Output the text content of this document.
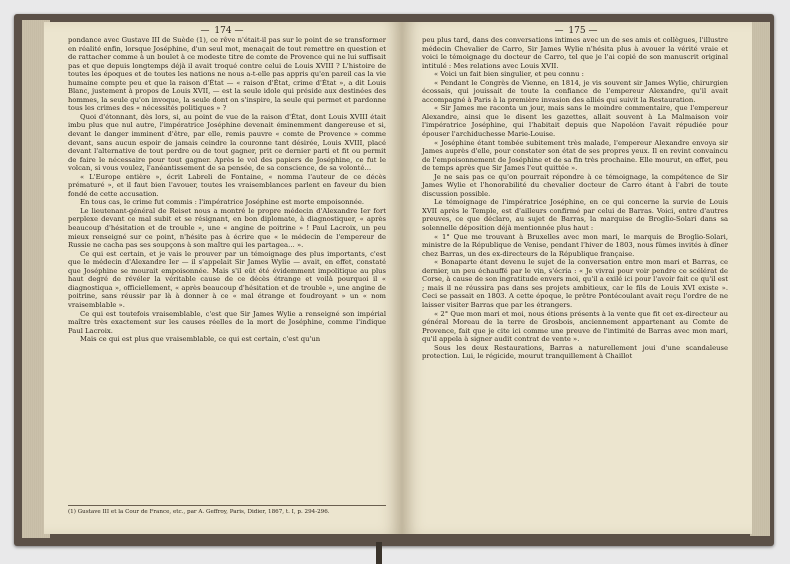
— 174 —

pondance avec Gustave III de Suède (1), ce rêve n'était-il pas sur le point de se transformer en réalité enfin, lorsque Joséphine, d'un seul mot, menaçait de tout remettre en question et de rattacher comme à un boulet à ce modeste titre de comte de Provence qui ne lui suffisait pas et que depuis longtemps déjà il avait troqué contre celui de Louis XVIII ? L'histoire de toutes les époques et de toutes les nations ne nous a-t-elle pas appris qu'en pareil cas la vie humaine compte peu et que la raison d'État — « raison d'État, crime d'État », a dit Louis Blanc, justement à propos de Louis XVII, — est la seule idole qui préside aux destinées des hommes, la seule qu'on invoque, la seule dont on s'inspire, la seule qui permet et pardonne tous les crimes des « nécessités politiques » ?

Quoi d'étonnant, dès lors, si, au point de vue de la raison d'État, dont Louis XVIII était imbu plus que nul autre, l'impératrice Joséphine devenait éminemment dangereuse et si, devant le danger imminent d'être, par elle, remis pauvre « comte de Provence » comme devant, sans aucun espoir de jamais ceindre la couronne tant désirée, Louis XVIII, placé devant l'alternative de tout perdre ou de tout gagner, prit ce dernier parti et fit ou permit de faire le nécessaire pour tout gagner. Après le vol des papiers de Joséphine, ce fut le volcan, si vous voulez, l'anéantissement de sa pensée, de sa conscience, de sa volonté…

« L'Europe entière », écrit Labreli de Fontaine, « nomma l'auteur de ce décès prématuré », et il faut bien l'avouer, toutes les vraisemblances parlent en faveur du bien fondé de cette accusation.

En tous cas, le crime fut commis : l'impératrice Joséphine est morte empoisonnée.

Le lieutenant-général de Reiset nous a montré le propre médecin d'Alexandre Ier fort perplexe devant ce mal subit et se résignant, en bon diplomate, à diagnostiquer, « après beaucoup d'hésitation et de trouble », une « angine de poitrine » ! Paul Lacroix, un peu mieux renseigné sur ce point, n'hésite pas à écrire que « le médecin de l'empereur de Russie ne cacha pas ses soupçons à son maître qui les partagea… ».

Ce qui est certain, et je vais le prouver par un témoignage des plus importants, c'est que le médecin d'Alexandre Ier — il s'appelait Sir James Wylie — avait, en effet, constaté que Joséphine se mourait empoisonnée. Mais s'il eût été évidemment impolitique au plus haut degré de révéler la véritable cause de ce décès étrange et voilà pourquoi il « diagnostiqua », officiellement, « après beaucoup d'hésitation et de trouble », une angine de poitrine, sans réussir par là à donner à ce « mal étrange et foudroyant » un « nom vraisemblable ».

Ce qui est toutefois vraisemblable, c'est que Sir James Wylie a renseigné son impérial maître très exactement sur les causes réelles de la mort de Joséphine, comme l'indique Paul Lacroix.

Mais ce qui est plus que vraisemblable, ce qui est certain, c'est qu'un

(1) Gustave III et la Cour de France, etc., par A. Geffroy, Paris, Didier, 1867, t. I, p. 294-296.
— 175 —

peu plus tard, dans des conversations intimes avec un de ses amis et collègues, l'illustre médecin Chevalier de Carro, Sir James Wylie n'hésita plus à avouer la vérité vraie et voici le témoignage du docteur de Carro, tel que je l'ai copié de son manuscrit original intitulé : Mes relations avec Louis XVII.

« Voici un fait bien singulier, et peu connu :

« Pendant le Congrès de Vienne, en 1814, je vis souvent sir James Wylie, chirurgien écossais, qui jouissait de toute la confiance de l'empereur Alexandre, qu'il avait accompagné à Paris à la première invasion des alliés qui suivit la Restauration.

« Sir James me raconta un jour, mais sans le moindre commentaire, que l'empereur Alexandre, ainsi que le disent les gazettes, allait souvent à La Malmaison voir l'impératrice Joséphine, qui l'habitait depuis que Napoléon l'avait répudiée pour épouser l'archiduchesse Marie-Louise.

« Joséphine étant tombée subitement très malade, l'empereur Alexandre envoya sir James auprès d'elle, pour constater son état de ses propres yeux. Il en revint convaincu de l'empoisonnement de Joséphine et de sa fin très prochaine. Elle mourut, en effet, peu de temps après que Sir James l'eut quittée ».

Je ne sais pas ce qu'on pourrait répondre à ce témoignage, la compétence de Sir James Wylie et l'honorabilité du chevalier docteur de Carro étant à l'abri de toute discussion possible.

Le témoignage de l'impératrice Joséphine, en ce qui concerne la survie de Louis XVII après le Temple, est d'ailleurs confirmé par celui de Barras. Voici, entre d'autres preuves, ce que déclaro, au sujet de Barras, la marquise de Broglio-Solari dans sa solennelle déposition déjà mentionnée plus haut :

« 1° Que me trouvant à Bruxelles avec mon mari, le marquis de Broglio-Solari, ministre de la République de Venise, pendant l'hiver de 1803, nous fûmes invités à dîner chez Barras, un des ex-directeurs de la République française.

« Bonaparte étant devenu le sujet de la conversation entre mon mari et Barras, ce dernier, un peu échauffé par le vin, s'écria : « Je vivrai pour voir pendre ce scélérat de Corse, à cause de son ingratitude envers moi, qu'il a exilé ici pour l'avoir fait ce qu'il est ; mais il ne réussira pas dans ses projets ambitieux, car le fils de Louis XVI existe ». Ceci se passait en 1803. A cette époque, le prêtre Pontécoulant avait reçu l'ordre de ne laisser visiter Barras que par les étrangers.

« 2° Que mon mari et moi, nous étions présents à la vente que fit cet ex-directeur au général Moreau de la terre de Grosbois, anciennement appartenant au Comte de Provence, fait que je cite ici comme une preuve de l'intimité de Barras avec mon mari, qu'il appela à signer audit contrat de vente ».

Sous les deux Restaurations, Barras a naturellement joui d'une scandaleuse protection. Lui, le régicide, mourut tranquillement à Chaillot
